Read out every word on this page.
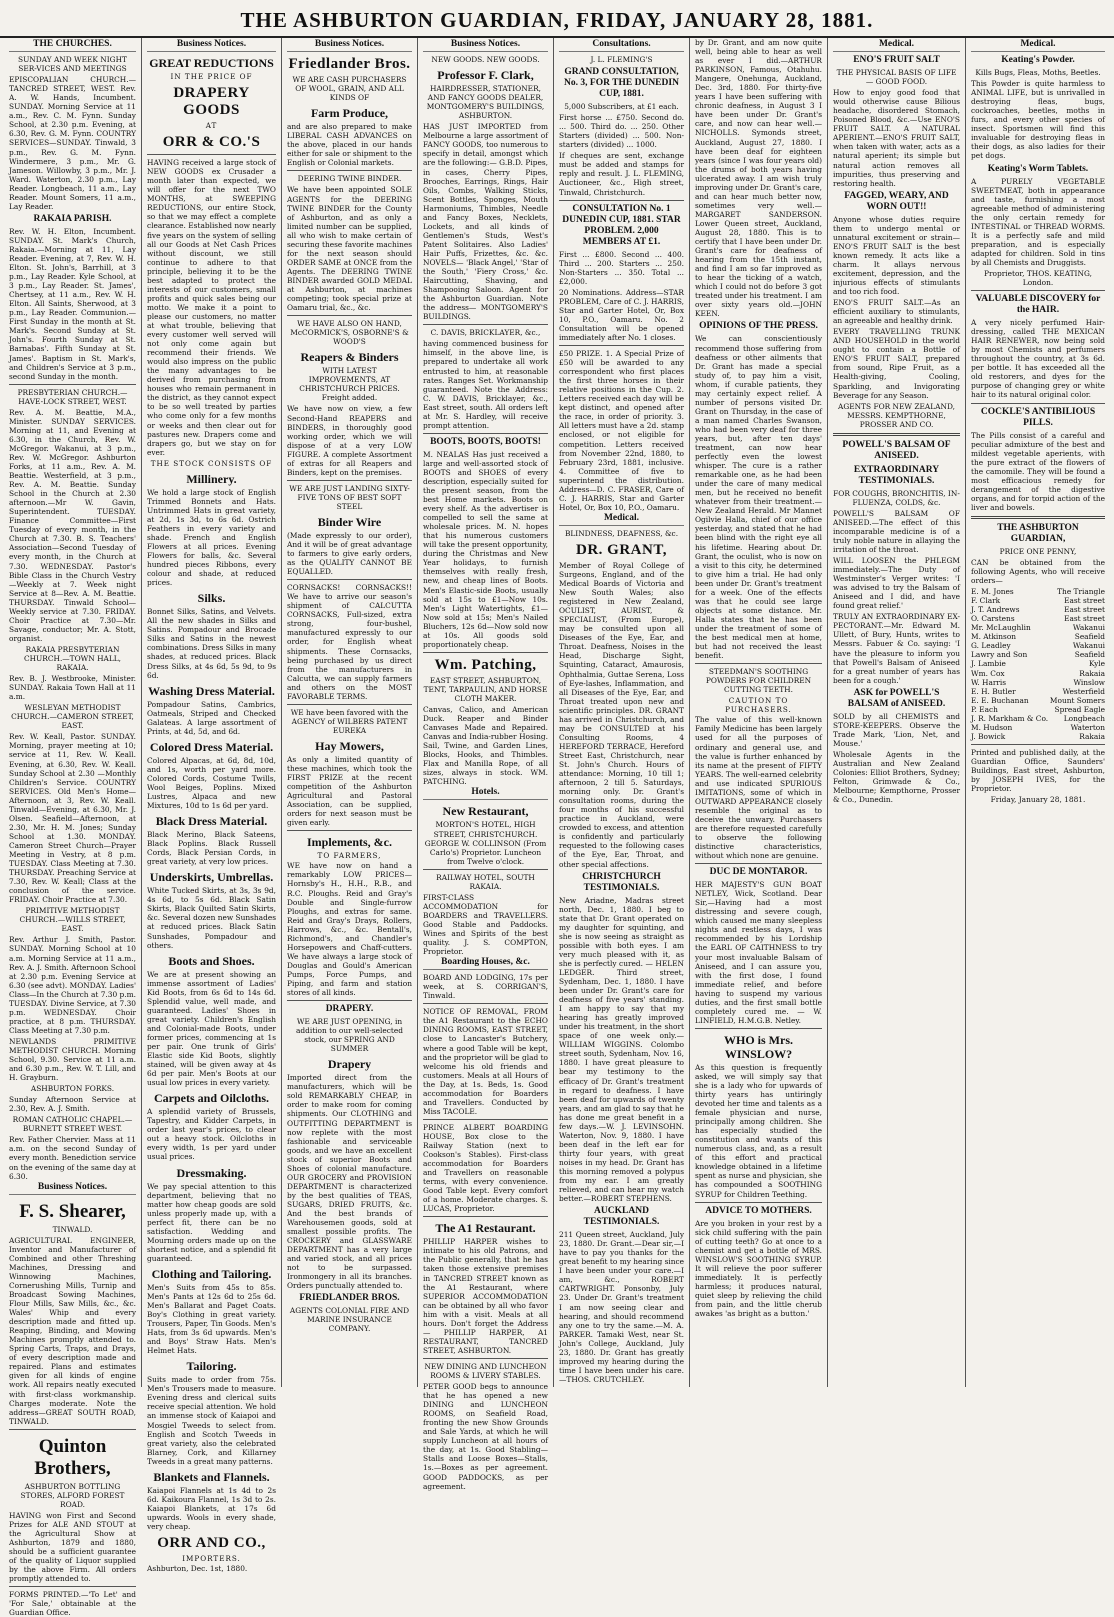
THE ASHBURTON GUARDIAN, FRIDAY, JANUARY 28, 1881.
THE CHURCHES.

SUNDAY AND WEEK NIGHT SER-VICES AND MEETINGS

EPISCOPALIAN CHURCH.—TANCRED STREET, WEST. Rev. A. W. Hands, Incumbent. SUNDAY. Morning Service at 11 a.m., Rev. C. M. Fynn. Sunday School, at 2.30 p.m. Evening, at 6.30, Rev. G. M. Fynn. COUNTRY SERVICES—SUNDAY. Tinwald, 3 p.m., Rev. G. M. Fynn. Windermere, 3 p.m., Mr. G. Jameson. Willowby, 3 p.m., Mr. J. Ward. Waterton, 2.30 p.m., Lay Reader. Longbeach, 11 a.m., Lay Reader. Mount Somers, 11 a.m., Lay Reader.

RAKAIA PARISH.

Rev. W. H. Elton, Incumbent. SUNDAY. St. Mark's Church, Rakaia.—Morning at 11, Lay Reader. Evening, at 7, Rev. W. H. Elton. St. John's, Barrhill, at 3 p.m., Lay Reader. Kyle School, at 3 p.m., Lay Reader. St. James', Chertsey, at 11 a.m., Rev. W. H. Elton. All Saints, Sherwood, at 3 p.m., Lay Reader. Communion.—First Sunday in the month at St. Mark's. Second Sunday at St. John's. Fourth Sunday at St. Barnabas'. Fifth Sunday at St. James'. Baptism in St. Mark's, and Children's Service at 3 p.m., second Sunday in the month.

PRESBYTERIAN CHURCH.—HAVE-LOCK STREET, WEST.

Rev. A. M. Beattie, M.A., Minister. SUNDAY SERVICES. Morning at 11, and Evening at 6.30, in the Church, Rev. W. McGregor. Wakanui, at 3 p.m., Rev. W. McGregor. Ashburton Forks, at 11 a.m., Rev. A. M. Beattie. Westerfield, at 3 p.m., Rev. A. M. Beattie. Sunday School in the Church at 2.30 afternoon.—Mr W. Gavin, Superintendent. TUESDAY. Finance Committee—First Tuesday of every month, in the Church at 7.30. B. S. Teachers' Association—Second Tuesday of every month, in the Church at 7.30. WEDNESDAY. Pastor's Bible Class in the Church Vestry—Weekly at 7. Week night Service at 8—Rev. A. M. Beattie. THURSDAY. Tinwald School—Weekly service at 7.30. FRIDAY. Choir Practice at 7.30—Mr. Savage, conductor; Mr. A. Stott, organist.

RAKAIA PRESBYTERIAN CHURCH.—TOWN HALL, RAKAIA.

Rev. B. J. Westbrooke, Minister. SUNDAY. Rakaia Town Hall at 11 a.m.

WESLEYAN METHODIST CHURCH.—CAMERON STREET, EAST.

Rev. W. Keall, Pastor. SUNDAY. Morning, prayer meeting at 10; service at 11, Rev. W. Keall. Evening, at 6.30, Rev. W. Keall. Sunday School at 2.30 —Monthly Children's Service. COUNTRY SERVICES. Old Men's Home—Afternoon, at 3, Rev. W. Keall. Tinwald—Evening, at 6.30, Mr. J. Olsen. Seafield—Afternoon, at 2.30, Mr. H. M. Jones; Sunday School at 1.30. MONDAY. Cameron Street Church—Prayer Meeting in Vestry, at 8 p.m. TUESDAY. Class Meeting at 7.30. THURSDAY. Preaching Service at 7.30, Rev. W. Keall; Class at the conclusion of the service. FRIDAY. Choir Practice at 7.30.

PRIMITIVE METHODIST CHURCH.—WILLS STREET, EAST.

Rev. Arthur J. Smith, Pastor. SUNDAY. Morning School at 10 a.m. Morning Service at 11 a.m., Rev. A. J. Smith. Afternoon School at 2.30 p.m. Evening Service at 6.30 (see advt). MONDAY. Ladies' Class—In the Church at 7.30 p.m. TUESDAY. Divine Service, at 7.30 p.m. WEDNESDAY. Choir practice, at 8 p.m. THURSDAY. Class Meeting at 7.30 p.m.

NEWLANDS PRIMITIVE METHODIST CHURCH. Morning School, 9.30. Service at 11 a.m. and 6.30 p.m., Rev. W. T. Lill, and H. Grayburn.

ASHBURTON FORKS.

Sunday Afternoon Service at 2.30, Rev. A. J. Smith.

ROMAN CATHOLIC CHAPEL.—BURNETT STREET WEST.

Rev. Father Chervier. Mass at 11 a.m. on the second Sunday of every month. Benediction service on the evening of the same day at 6.30.

Business Notices.
F. S. Shearer,

TINWALD.

AGRICULTURAL ENGINEER, Inventor and Manufacturer of Combined and other Threshing Machines, Dressing and Winnowing Machines, Cornerushing Mills, Turnip and Broadcast Sowing Machines, Flour Mills, Saw Mills, &c., &c. Wales' Whip and every description made and fitted up. Reaping, Binding, and Mowing Machines promptly attended to. Spring Carts, Traps, and Drays, of every description made and repaired. Plans and estimates given for all kinds of engine work. All repairs neatly executed with first-class workmanship. Charges moderate. Note the address—GREAT SOUTH ROAD, TINWALD.

Quinton Brothers,

ASHBURTON BOTTLING STORES, ALFORD FOREST ROAD.

HAVING won First and Second Prizes for ALE AND STOUT at the Agricultural Show at Ashburton, 1879 and 1880, should be a sufficient guarantee of the quality of Liquor supplied by the above Firm. All orders promptly attended to.

FORMS PRINTED.—'To Let' and 'For Sale,' obtainable at the Guardian Office.

Business Notices.
GREAT REDUCTIONS
IN THE PRICE OF
DRAPERY GOODS
AT
ORR & CO.'S

HAVING received a large stock of NEW GOODS ex Crusader a month later than expected, we will offer for the next TWO MONTHS, at SWEEPING REDUCTIONS, our entire Stock, so that we may effect a complete clearance. Established now nearly five years on the system of selling all our Goods at Net Cash Prices without discount, we still continue to adhere to that principle, believing it to be the best adapted to protect the interests of our customers, small profits and quick sales being our motto. We make it a point to please our customers, no matter at what trouble, believing that every customer well served will not only come again but recommend their friends. We would also impress on the public the many advantages to be derived from purchasing from houses who remain permanent in the district, as they cannot expect to be so well treated by parties who come only for a few months or weeks and then clear out for pastures new. Drapers come and drapers go, but we stay on for ever.

THE STOCK CONSISTS OF
Millinery.

We hold a large stock of English Trimmed Bonnets and Hats. Untrimmed Hats in great variety, at 2d, 1s 3d, to 6s 6d. Ostrich Feathers in every variety and shade. French and English Flowers at all prices. Evening Flowers for balls, &c. Several hundred pieces Ribbons, every colour and shade, at reduced prices.

Silks.

Bonnet Silks, Satins, and Velvets. All the new shades in Silks and Satins. Pompadour and Brocade Silks and Satins in the newest combinations. Dress Silks in many shades, at reduced prices. Black Dress Silks, at 4s 6d, 5s 9d, to 9s 6d.

Washing Dress Material.

Pompadour Satins, Cambrics, Oatmeals, Striped and Checked Galateas. A large assortment of Prints, at 4d, 5d, and 6d.

Colored Dress Material.

Colored Alpacas, at 6d, 8d, 10d, and 1s, worth per yard more. Colored Cords, Costume Twills, Wool Beiges, Poplins. Mixed Lustres, Alpaca and new Mixtures, 10d to 1s 6d per yard.

Black Dress Material.

Black Merino, Black Sateens, Black Poplins. Black Russell Cords, Black Persian Cords, in great variety, at very low prices.

Underskirts, Umbrellas.

White Tucked Skirts, at 3s, 3s 9d, 4s 6d, to 5s 6d. Black Satin Skirts, Black Quilted Satin Skirts, &c. Several dozen new Sunshades at reduced prices. Black Satin Sunshades, Pompadour and others.

Boots and Shoes.

We are at present showing an immense assortment of Ladies' Kid Boots, from 6s 6d to 14s 6d. Splendid value, well made, and guaranteed. Ladies' Shoes in great variety. Children's English and Colonial-made Boots, under former prices, commencing at 1s per pair. One trunk of Girls' Elastic side Kid Boots, slightly stained, will be given away at 4s 6d per pair. Men's Boots at our usual low prices in every variety.

Carpets and Oilcloths.

A splendid variety of Brussels, Tapestry, and Kidder Carpets, in order last year's prices, to clear out a heavy stock. Oilcloths in every width, 1s per yard under usual prices.

Dressmaking.

We pay special attention to this department, believing that no matter how cheap goods are sold unless properly made up, with a perfect fit, there can be no satisfaction. Wedding and Mourning orders made up on the shortest notice, and a splendid fit guaranteed.

Clothing and Tailoring.

Men's Suits from 45s to 85s. Men's Pants at 12s 6d to 25s 6d. Men's Ballarat and Paget Coats. Boy's Clothing in great variety. Trousers, Paper, Tin Goods. Men's Hats, from 3s 6d upwards. Men's and Boys' Straw Hats. Men's Helmet Hats.

Tailoring.

Suits made to order from 75s. Men's Trousers made to measure. Evening dress and clerical suits receive special attention. We hold an immense stock of Kaiapoi and Mosgiel Tweeds to select from. English and Scotch Tweeds in great variety, also the celebrated Blarney, Cork, and Killarney Tweeds in a great many patterns.

Blankets and Flannels.

Kaiapoi Flannels at 1s 4d to 2s 6d. Kaikoura Flannel, 1s 3d to 2s. Kaiapoi Blankets, at 17s 6d upwards. Wools in every shade, very cheap.

ORR AND CO.,
IMPORTERS.

Ashburton, Dec. 1st, 1880.

Business Notices.
Friedlander Bros.

WE ARE CASH PURCHASERS OF WOOL, GRAIN, AND ALL KINDS OF

Farm Produce,

and are also prepared to make LIBERAL CASH ADVANCES on the above, placed in our hands either for sale or shipment to the English or Colonial markets.

DEERING TWINE BINDER.

We have been appointed SOLE AGENTS for the DEERING TWINE BINDER for the County of Ashburton, and as only a limited number can be supplied, all who wish to make certain of securing these favorite machines for the next season should ORDER SAME at ONCE from the Agents. The DEERING TWINE BINDER awarded GOLD MEDAL at Ashburton, at machines competing; took special prize at Oamaru trial, &c., &c.

WE HAVE ALSO ON HAND, McCORMICK'S, OSBORNE'S & WOOD'S

Reapers & Binders

WITH LATEST IMPROVEMENTS, AT CHRISTCHURCH PRICES. Freight added.

We have now on view, a few Second-Hand REAPERS and BINDERS, in thoroughly good working order, which we will dispose of at a very LOW FIGURE. A complete Assortment of extras for all Reapers and Binders, kept on the premises.

WE ARE JUST LANDING SIXTY-FIVE TONS OF BEST SOFT STEEL

Binder Wire

(Made expressly to our order), And it will be of great advantage to farmers to give early orders, as the QUALITY CANNOT BE EQUALLED.

CORNSACKS! CORNSACKS!! We have to arrive our season's shipment of CALCUTTA CORNSACKS, Full-sized, extra strong, four-bushel, manufactured expressly to our order, for English wheat shipments. These Cornsacks, being purchased by us direct from the manufacturers in Calcutta, we can supply farmers and others on the MOST FAVORABLE TERMS.

WE have been favored with the AGENCY of WILBERS PATENT EUREKA

Hay Mowers,

As only a limited quantity of these machines, which took the FIRST PRIZE at the recent competition of the Ashburton Agricultural and Pastoral Association, can be supplied, orders for next season must be given early.

Implements, &c.
TO FARMERS,

WE have now on hand a remarkably LOW PRICES— Hornsby's H., H.H., R.B., and R.C. Ploughs. Reid and Gray's Double and Single-furrow Ploughs, and extras for same. Reid and Gray's Drays, Rollers, Harrows, &c., &c. Bentall's, Richmond's, and Chandler's Horsepowers and Chaff-cutters. We have always a large stock of Douglas and Gould's American Pumps, Force Pumps, and Piping, and farm and station stores of all kinds.

DRAPERY.

WE ARE JUST OPENING, in addition to our well-selected stock, our SPRING AND SUMMER

Drapery

Imported direct from the manufacturers, which will be sold REMARKABLY CHEAP, in order to make room for coming shipments. Our CLOTHING and OUTFITTING DEPARTMENT is now replete with the most fashionable and serviceable goods, and we have an excellent stock of superior Boots and Shoes of colonial manufacture. OUR GROCERY and PROVISION DEPARTMENT is characterized by the best qualities of TEAS, SUGARS, DRIED FRUITS, &c. And the best brands of Warehousemen goods, sold at smallest possible profits. The CROCKERY and GLASSWARE DEPARTMENT has a very large and varied stock, and all prices not to be surpassed. Ironmongery in all its branches. Orders punctually attended to.

FRIEDLANDER BROS.

AGENTS COLONIAL FIRE AND MARINE INSURANCE COMPANY.

Business Notices.

NEW GOODS. NEW GOODS.

Professor F. Clark,

HAIRDRESSER, STATIONER, AND FANCY GOODS DEALER, MONTGOMERY'S BUILDINGS, ASHBURTON.

HAS JUST IMPORTED from Melbourne a large assortment of FANCY GOODS, too numerous to specify in detail, amongst which are the following:— G.B.D. Pipes, in cases, Cherry Pipes, Brooches, Earrings, Rings, Hair Oils, Combs, Walking Sticks, Scent Bottles, Sponges, Mouth Harmoniums, Thimbles, Needle and Fancy Boxes, Necklets, Lockets, and all kinds of Gentlemen's Studs, West's Patent Solitaires. Also Ladies' Hair Puffs, Frizettes, &c. &c. NOVELS— 'Black Angel,' 'Star of the South,' 'Fiery Cross,' &c. Haircutting, Shaving, and Shampooing Saloon. Agent for the Ashburton Guardian. Note the address— MONTGOMERY'S BUILDINGS.

C. DAVIS, BRICKLAYER, &c.,

having commenced business for himself, in the above line, is prepared to undertake all work entrusted to him, at reasonable rates. Ranges Set. Workmanship guaranteed. Note the Address: C. W. DAVIS, Bricklayer, &c., East street, south. All orders left at Mr. S. Hardley, will receive prompt attention.

BOOTS, BOOTS, BOOTS!

M. NEALAS Has just received a large and well-assorted stock of BOOTS and SHOES of every description, especially suited for the present season, from the best Home markets. Boots on every shelf. As the advertiser is compelled to sell the same at wholesale prices. M. N. hopes that his numerous customers will take the present opportunity, during the Christmas and New Year holidays, to furnish themselves with really fresh, new, and cheap lines of Boots. Men's Elastic-side Boots, usually sold at 15s to £1—Now 10s. Men's Light Watertights, £1—Now sold at 15s; Men's Nailed Bluchers, 12s 6d—Now sold now at 10s. All goods sold proportionately cheap.

Wm. Patching,

EAST STREET, ASHBURTON, TENT, TARPAULIN, AND HORSE CLOTH MAKER.

Canvas, Calico, and American Duck. Reaper and Binder Canvases Made and Repaired. Canvas and India-rubber Hosing. Sail, Twine, and Garden Lines, Blocks, Hooks, and Thimbles. Flax and Manilla Rope, of all sizes, always in stock. WM. PATCHING.

Hotels.
New Restaurant,

MORTON'S HOTEL, HIGH STREET, CHRISTCHURCH. GEORGE W. COLLINSON (From Carlo's) Proprietor. Luncheon from Twelve o'clock.

RAILWAY HOTEL, SOUTH RAKAIA.

FIRST-CLASS ACCOMMODATION for BOARDERS and TRAVELLERS. Good Stable and Paddocks. Wines and Spirits of the best quality. J. S. COMPTON, Proprietor.

Boarding Houses, &c.

BOARD AND LODGING, 17s per week, at S. CORRIGAN'S, Tinwald.

NOTICE OF REMOVAL, FROM the A1 Restaurant to the ECHO DINING ROOMS, EAST STREET, close to Lancaster's Butchery, where a good Table will be kept, and the proprietor will be glad to welcome his old friends and customers. Meals at all Hours of the Day, at 1s. Beds, 1s. Good accommodation for Boarders and Travellers. Conducted by Miss TACOLE.

PRINCE ALBERT BOARDING HOUSE, Box close to the Railway Station (next to Cookson's Stables). First-class accommodation for Boarders and Travellers on reasonable terms, with every convenience. Good Table kept. Every comfort of a home. Moderate charges. S. LUCAS, Proprietor.

The A1 Restaurant.

PHILLIP HARPER wishes to intimate to his old Patrons, and the Public generally, that he has taken those extensive premises in TANCRED STREET known as the A1 Restaurant, where SUPERIOR ACCOMMODATION can be obtained by all who favor him with a visit. Meals at all hours. Don't forget the Address— PHILLIP HARPER, A1 RESTAURANT, TANCRED STREET, ASHBURTON.

NEW DINING AND LUNCHEON ROOMS & LIVERY STABLES.

PETER GOOD begs to announce that he has opened a new DINING and LUNCHEON ROOMS, on Seafield Road, fronting the new Show Grounds and Sale Yards, at which he will supply Luncheon at all hours of the day, at 1s. Good Stabling—Stalls and Loose Boxes—Stalls, 1s.—Boxes as per agreement. GOOD PADDOCKS, as per agreement.

Consultations.

J. L. FLEMING'S

GRAND CONSULTATION, No. 3, FOR THE DUNEDIN CUP, 1881.

5,000 Subscribers, at £1 each.

First horse ... £750. Second do. ... 500. Third do. ... 250. Other Starters (divided) ... 500. Non-starters (divided) ... 1000.

If cheques are sent, exchange must be added and stamps for reply and result. J. L. FLEMING, Auctioneer, &c., High street, Tinwald, Christchurch.

CONSULTATION No. 1 DUNEDIN CUP, 1881. STAR PROBLEM. 2,000 MEMBERS AT £1.

First ... £800. Second ... 400. Third ... 200. Starters ... 250. Non-Starters ... 350. Total ... £2,000.

20 Nominations. Address—STAR PROBLEM, Care of C. J. HARRIS, Star and Garter Hotel, Or, Box 10, P.O., Oamaru. No. 2 Consultation will be opened immediately after No. 1 closes.

£50 PRIZE. 1. A Special Prize of £50 will be awarded to any correspondent who first places the first three horses in their relative positions in the Cup. 2. Letters received each day will be kept distinct, and opened after the race, in order of priority. 3. All letters must have a 2d. stamp enclosed, or not eligible for competition. Letters received from November 22nd, 1880, to February 23rd, 1881, inclusive. 4. Committee of five to superintend the distribution. Address—D. C. FRASER, Care of C. J. HARRIS, Star and Garter Hotel, Or, Box 10, P.O., Oamaru.

Medical.

BLINDNESS, DEAFNESS, &c.

DR. GRANT,

Member of Royal College of Surgeons, England, and of the Medical Boards of Victoria and New South Wales; also registered in New Zealand, OCULIST, AURIST, & SPECIALIST, (From Europe), may be consulted upon all Diseases of the Eye, Ear, and Throat. Deafness, Noises in the Head, Discharge Sight, Squinting, Cataract, Amaurosis, Ophthalmia, Guttae Serena, Loss of Eye-lashes, Inflammation, and all Diseases of the Eye, Ear, and Throat treated upon new and scientific principles. DR. GRANT has arrived in Christchurch, and may be CONSULTED at his Consulting Rooms, 4 HEREFORD TERRACE, Hereford Street East, Christchurch, near St. John's Church. Hours of attendance: Morning, 10 till 1; afternoon, 2 till 5. Saturdays, morning only. Dr. Grant's consultation rooms, during the four months of his successful practice in Auckland, were crowded to excess, and attention is confidently and particularly requested to the following cases of the Eye, Ear, Throat, and other special affections.

CHRISTCHURCH TESTIMONIALS.

New Ariadne, Madras street north, Dec. 1, 1880. I beg to state that Dr. Grant operated on my daughter for squinting, and she is now seeing as straight as possible with both eyes. I am very much pleased with it, as she is perfectly cured. — HELEN LEDGER. Third street, Sydenham, Dec. 1, 1880. I have been under Dr. Grant's care for deafness of five years' standing. I am happy to say that my hearing has greatly improved under his treatment, in the short space of one week only.—WILLIAM WIGGINS. Colombo street south, Sydenham, Nov. 16, 1880. I have great pleasure to bear my testimony to the efficacy of Dr. Grant's treatment in regard to deafness. I have been deaf for upwards of twenty years, and am glad to say that he has done me great benefit in a few days.—W. J. LEVINSOHN. Waterton, Nov. 9, 1880. I have been deaf in the left ear for thirty four years, with great noises in my head. Dr. Grant has this morning removed a polypus from my ear. I am greatly relieved, and can hear my watch better.—ROBERT STEPHENS.

AUCKLAND TESTIMONIALS.

211 Queen street, Auckland, July 23, 1880. Dr. Grant.—Dear sir,—I have to pay you thanks for the great benefit to my hearing since I have been under your care.—I am, &c., ROBERT CARTWRIGHT. Ponsonby, July 23. Under Dr. Grant's treatment I am now seeing clear and hearing, and should recommend any one to try the same.—M. A. PARKER. Tamaki West, near St. John's College, Auckland, July 23, 1880. Dr. Grant has greatly improved my hearing during the time I have been under his care.—THOS. CRUTCHLEY.

by Dr. Grant, and am now quite well, being able to hear as well as ever I did.—ARTHUR PARKINSON, Famous, Otahuhu. Mangere, Onehunga, Auckland, Dec. 3rd, 1880. For thirty-five years I have been suffering with chronic deafness, in August 3 I have been under Dr. Grant's care, and now can hear well.—NICHOLLS. Symonds street, Auckland, August 27, 1880. I have been deaf for eighteen years (since I was four years old) the drums of both years having ulcerated away. I am wish truly improving under Dr. Grant's care, and can hear much better now, sometimes very well.—MARGARET SANDERSON. Lower Queen street, Auckland, August 28, 1880. This is to certify that I have been under Dr. Grant's care for deafness of hearing from the 15th instant, and find I am so far improved as to hear the ticking of a watch, which I could not do before 3 got treated under his treatment. I am over sixty years old.—JOHN KEEN.

OPINIONS OF THE PRESS.

We can conscientiously recommend those suffering from deafness or other ailments that Dr. Grant has made a special study of, to pay him a visit, whom, if curable patients, they may certainly expect relief. A number of persons visited Dr. Grant on Thursday, in the case of a man named Charles Swanson, who had been very deaf for three years, but, after ten days' treatment, can now hear perfectly even the lowest whisper. The cure is a rather remarkable one, as he had been under the care of many medical men, but he received no benefit whatever from their treatment.—New Zealand Herald. Mr Mannet Ogilvie Halla, chief of our office yesterday, and stated that he had been blind with the right eye all his lifetime. Hearing about Dr. Grant, the oculist, who is now on a visit to this city, he determined to give him a trial. He had only been under Dr. Grant's treatment for a week. One of the effects was that he could see large objects at some distance. Mr. Halla states that he has been under the treatment of some of the best medical men at home, but had not received the least benefit.

STEEDMAN'S SOOTHING POWDERS FOR CHILDREN CUTTING TEETH.

CAUTION TO PURCHASERS.

The value of this well-known Family Medicine has been largely used for all the purposes of ordinary and general use, and the value is further enhanced by its name at the present of FIFTY YEARS. The well-earned celebrity and use indicated SPURIOUS IMITATIONS, some of which in OUTWARD APPEARANCE closely resemble the original as to deceive the unwary. Purchasers are therefore requested carefully to observe the following distinctive characteristics, without which none are genuine.

DUC DE MONTAROR.

HER MAJESTY'S GUN BOAT NETLEY, Wick, Scotland. Dear Sir,—Having had a most distressing and severe cough, which caused me many sleepless nights and restless days, I was recommended by his Lordship the EARL OF CAITHNESS to try your most invaluable Balsam of Aniseed, and I can assure you, with the first dose, I found immediate relief, and before having to suspend my various duties, and the first small bottle completely cured me. — W. LINFIELD, H.M.G.B. Netley.

WHO is Mrs. WINSLOW?

As this question is frequently asked, we will simply say that she is a lady who for upwards of thirty years has untiringly devoted her time and talents as a female physician and nurse, principally among children. She has especially studied the constitution and wants of this numerous class, and, as a result of this effort and practical knowledge obtained in a lifetime spent as nurse and physician, she has compounded a SOOTHING SYRUP for Children Teething.

ADVICE TO MOTHERS.

Are you broken in your rest by a sick child suffering with the pain of cutting teeth? Go at once to a chemist and get a bottle of MRS. WINSLOW'S SOOTHING SYRUP. It will relieve the poor sufferer immediately. It is perfectly harmless; it produces natural, quiet sleep by relieving the child from pain, and the little cherub awakes 'as bright as a button.'

Medical.
ENO'S FRUIT SALT

THE PHYSICAL BASIS OF LIFE — GOOD FOOD.

How to enjoy good food that would otherwise cause Bilious headache, disordered Stomach, Poisoned Blood, &c.—Use ENO'S FRUIT SALT. A NATURAL APERIENT.—ENO'S FRUIT SALT, when taken with water, acts as a natural aperient; its simple but natural action removes all impurities, thus preserving and restoring health.

FAGGED, WEARY, AND WORN OUT!!

Anyone whose duties require them to undergo mental or unnatural excitement or strain—ENO'S FRUIT SALT is the best known remedy. It acts like a charm. It allays nervous excitement, depression, and the injurious effects of stimulants and too rich food.

ENO'S FRUIT SALT.—As an efficient auxiliary to stimulants, an agreeable and healthy drink.

EVERY TRAVELLING TRUNK AND HOUSEHOLD in the world ought to contain a Bottle of ENO'S FRUIT SALT, prepared from sound, Ripe Fruit, as a Health-giving, Cooling, Sparkling, and Invigorating Beverage for any Season.

AGENTS FOR NEW ZEALAND, MESSRS. KEMPTHORNE, PROSSER AND CO.

POWELL'S BALSAM OF ANISEED.
EXTRAORDINARY TESTIMONIALS.

FOR COUGHS, BRONCHITIS, IN-FLUENZA, COLDS, &c.

POWELL'S BALSAM OF ANISEED.—The effect of this incomparable medicine is of a truly noble nature in allaying the irritation of the throat.

WILL LOOSEN the PHLEGM immediately.—The Duty of Westminster's Verger writes: 'I was advised to try the Balsam of Aniseed and I did, and have found great relief.'

TRULY AN EXTRAORDINARY EX-PECTORANT.—Mr. Edward M. Ullett, of Bury, Hunts, writes to Messrs. Fabuer & Co. saying: 'I have the pleasure to inform you that Powell's Balsam of Aniseed for a great number of years has been for a cough.'

ASK for POWELL'S BALSAM of ANISEED.

SOLD by all CHEMISTS and STORE-KEEPERS. Observe the Trade Mark, 'Lion, Net, and Mouse.'

Wholesale Agents in the Australian and New Zealand Colonies: Elliot Brothers, Sydney; Felton, Grimwade & Co., Melbourne; Kempthorne, Prosser & Co., Dunedin.

Medical.
Keating's Powder.

Kills Bugs, Fleas, Moths, Beetles.

This Powder is quite harmless to ANIMAL LIFE, but is unrivalled in destroying fleas, bugs, cockroaches, beetles, moths in furs, and every other species of insect. Sportsmen will find this invaluable for destroying fleas in their dogs, as also ladies for their pet dogs.

Keating's Worm Tablets.

A PURELY VEGETABLE SWEETMEAT, both in appearance and taste, furnishing a most agreeable method of administering the only certain remedy for INTESTINAL or THREAD WORMS. It is a perfectly safe and mild preparation, and is especially adapted for children. Sold in tins by all Chemists and Druggists.

Proprietor, THOS. KEATING, London.

VALUABLE DISCOVERY for the HAIR.

A very nicely perfumed Hair-dressing, called THE MEXICAN HAIR RENEWER, now being sold by most Chemists and perfumers throughout the country, at 3s 6d. per bottle. It has exceeded all the old restorers, and dyes for the purpose of changing grey or white hair to its natural original color.

COCKLE'S ANTIBILIOUS PILLS.

The Pills consist of a careful and peculiar admixture of the best and mildest vegetable aperients, with the pure extract of the flowers of the camomile. They will be found a most efficacious remedy for derangement of the digestive organs, and for torpid action of the liver and bowels.

THE ASHBURTON GUARDIAN,

PRICE ONE PENNY,

CAN be obtained from the following Agents, who will receive orders—

E. M. Jones	The Triangle
F. Clark	East street
J. T. Andrews	East street
O. Carstens	East street
Mr. McLaughlin	Wakanui
M. Atkinson	Seafield
G. Leadley	Wakanui
Lawry and Son	Seafield
J. Lambie	Kyle
Wm. Cox	Rakaia
W. Harris	Winslow
E. H. Butler	Westerfield
E. E. Buchanan	Mount Somers
P. Each	Spread Eagle
J. R. Markham & Co. Longbeach
M. Hudson	Waterton
J. Bowick	Rakaia

Printed and published daily, at the Guardian Office, Saunders' Buildings, East street, Ashburton, by JOSEPH IVES, for the Proprietor.

Friday, January 28, 1881.
